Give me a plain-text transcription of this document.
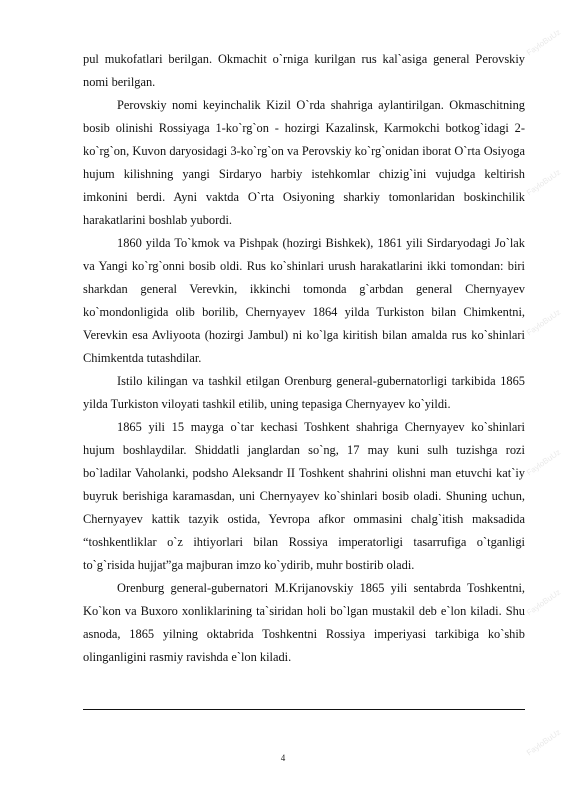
pul mukofatlari berilgan. Okmachit o`rniga kurilgan rus kal`asiga general Perovskiy nomi berilgan.

Perovskiy nomi keyinchalik Kizil O`rda shahriga aylantirilgan. Okmaschitning bosib olinishi Rossiyaga 1-ko`rg`on - hozirgi Kazalinsk, Karmokchi botkog`idagi 2-ko`rg`on, Kuvon daryosidagi 3-ko`rg`on va Perovskiy ko`rg`onidan iborat O`rta Osiyoga hujum kilishning yangi Sirdaryo harbiy istehkomlar chizig`ini vujudga keltirish imkonini berdi. Ayni vaktda O`rta Osiyoning sharkiy tomonlaridan boskinchilik harakatlarini boshlab yubordi.

1860 yilda To`kmok va Pishpak (hozirgi Bishkek), 1861 yili Sirdaryodagi Jo`lak va Yangi ko`rg`onni bosib oldi. Rus ko`shinlari urush harakatlarini ikki tomondan: biri sharkdan general Verevkin, ikkinchi tomonda g`arbdan general Chernyayev ko`mondonligida olib borilib, Chernyayev 1864 yilda Turkiston bilan Chimkentni, Verevkin esa Avliyoota (hozirgi Jambul) ni ko`lga kiritish bilan amalda rus ko`shinlari Chimkentda tutashdilar.

Istilo kilingan va tashkil etilgan Orenburg general-gubernatorligi tarkibida 1865 yilda Turkiston viloyati tashkil etilib, uning tepasiga Chernyayev ko`yildi.

1865 yili 15 mayga o`tar kechasi Toshkent shahriga Chernyayev ko`shinlari hujum boshlaydilar. Shiddatli janglardan so`ng, 17 may kuni sulh tuzishga rozi bo`ladilar Vaholanki, podsho Aleksandr II Toshkent shahrini olishni man etuvchi kat`iy buyruk berishiga karamasdan, uni Chernyayev ko`shinlari bosib oladi. Shuning uchun, Chernyayev kattik tazyik ostida, Yevropa afkor ommasini chalg`itish maksadida “toshkentliklar o`z ihtiyorlari bilan Rossiya imperatorligi tasarrufiga o`tganligi to`g`risida hujjat”ga majburan imzo ko`ydirib, muhr bostirib oladi.

Orenburg general-gubernatori M.Krijanovskiy 1865 yili sentabrda Toshkentni, Ko`kon va Buxoro xonliklarining ta`siridan holi bo`lgan mustakil deb e`lon kiladi. Shu asnoda, 1865 yilning oktabrida Toshkentni Rossiya imperiyasi tarkibiga ko`shib olinganligini rasmiy ravishda e`lon kiladi.

4
FayloBuUz
FayloBuUz
FayloBuUz
FayloBuUz
FayloBuUz
FayloBuUz
